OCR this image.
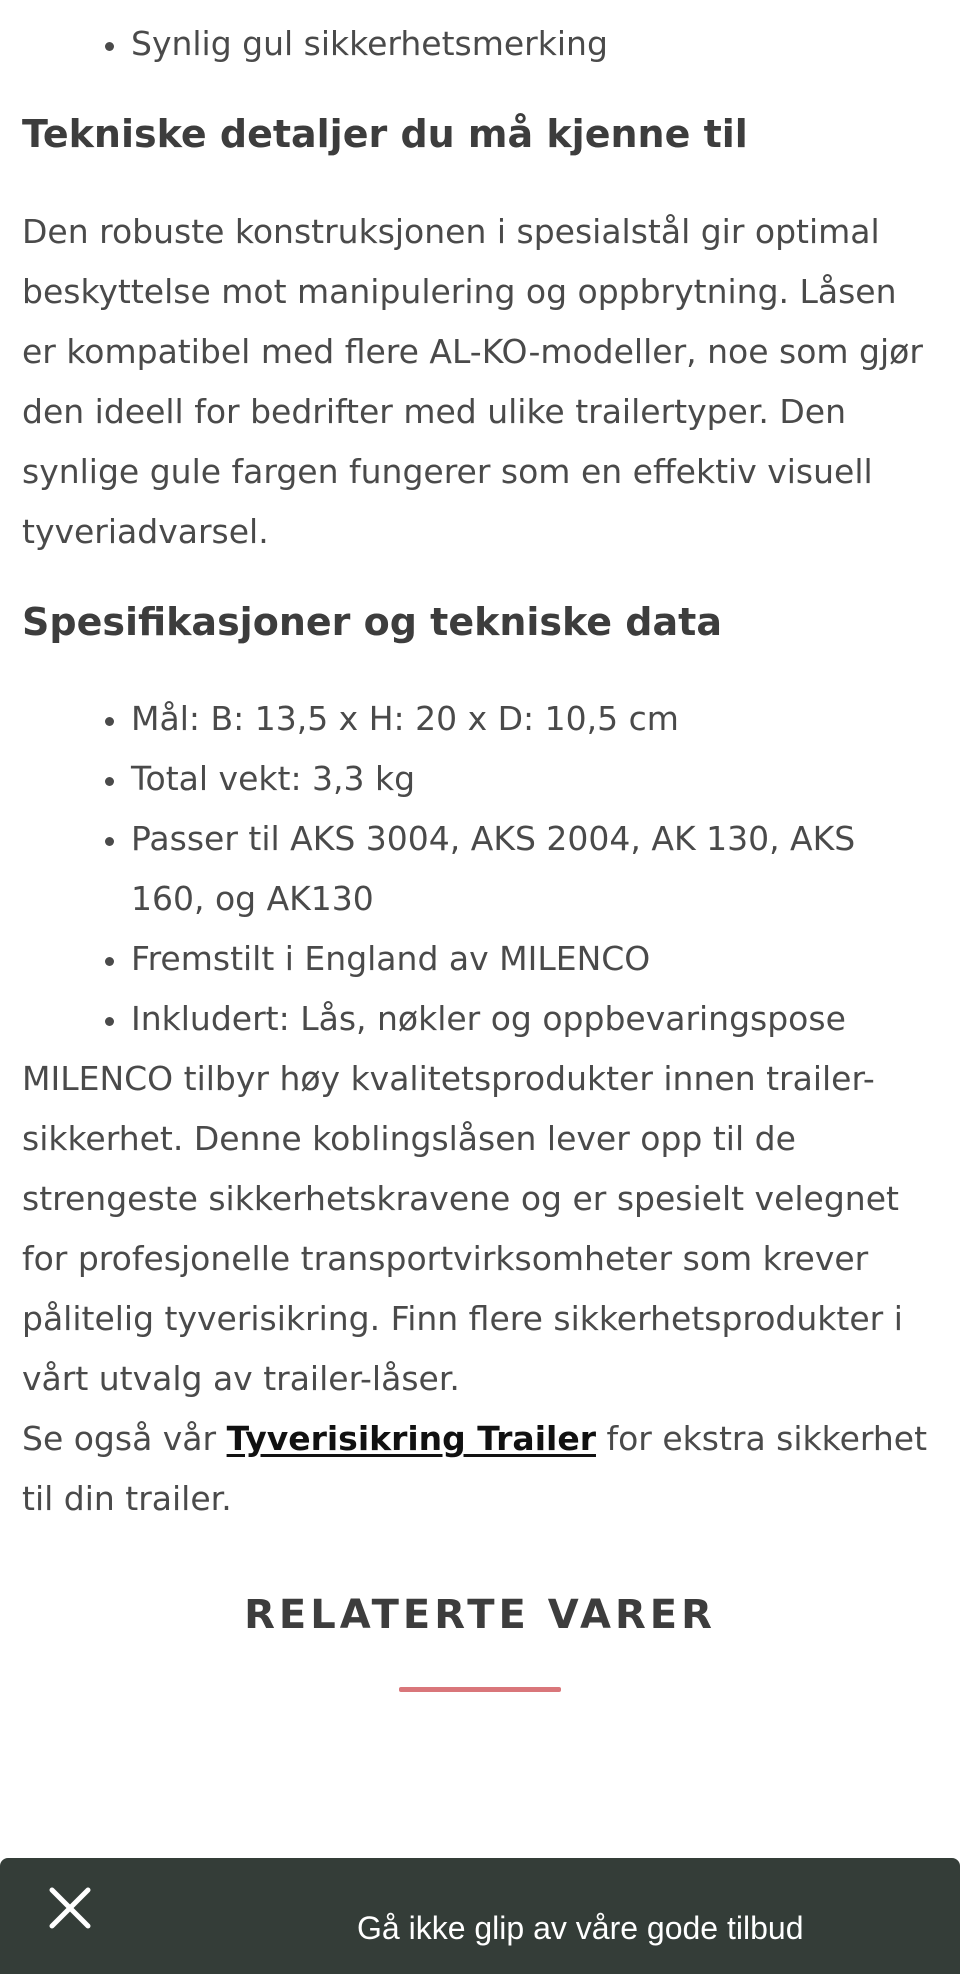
• Synlig gul sikkerhetsmerking
Tekniske detaljer du må kjenne til

Den robuste konstruksjonen i spesialstål gir optimal beskyttelse mot manipulering og oppbrytning. Låsen er kompatibel med flere AL-KO-modeller, noe som gjør den ideell for bedrifter med ulike trailertyper. Den synlige gule fargen fungerer som en effektiv visuell tyveriadvarsel.

Spesifikasjoner og tekniske data
• Mål: B: 13,5 x H: 20 x D: 10,5 cm
• Total vekt: 3,3 kg
• Passer til AKS 3004, AKS 2004, AK 130, AKS 160, og AK130
• Fremstilt i England av MILENCO
• Inkludert: Lås, nøkler og oppbevaringspose

MILENCO tilbyr høy kvalitetsprodukter innen trailer-sikkerhet. Denne koblingslåsen lever opp til de strengeste sikkerhetskravene og er spesielt velegnet for profesjonelle transportvirksomheter som krever pålitelig tyverisikring. Finn flere sikkerhetsprodukter i vårt utvalg av trailer-låser.

Se også vår Tyverisikring Trailer for ekstra sikkerhet til din trailer.

RELATERTE VARER
Gå ikke glip av våre gode tilbud
